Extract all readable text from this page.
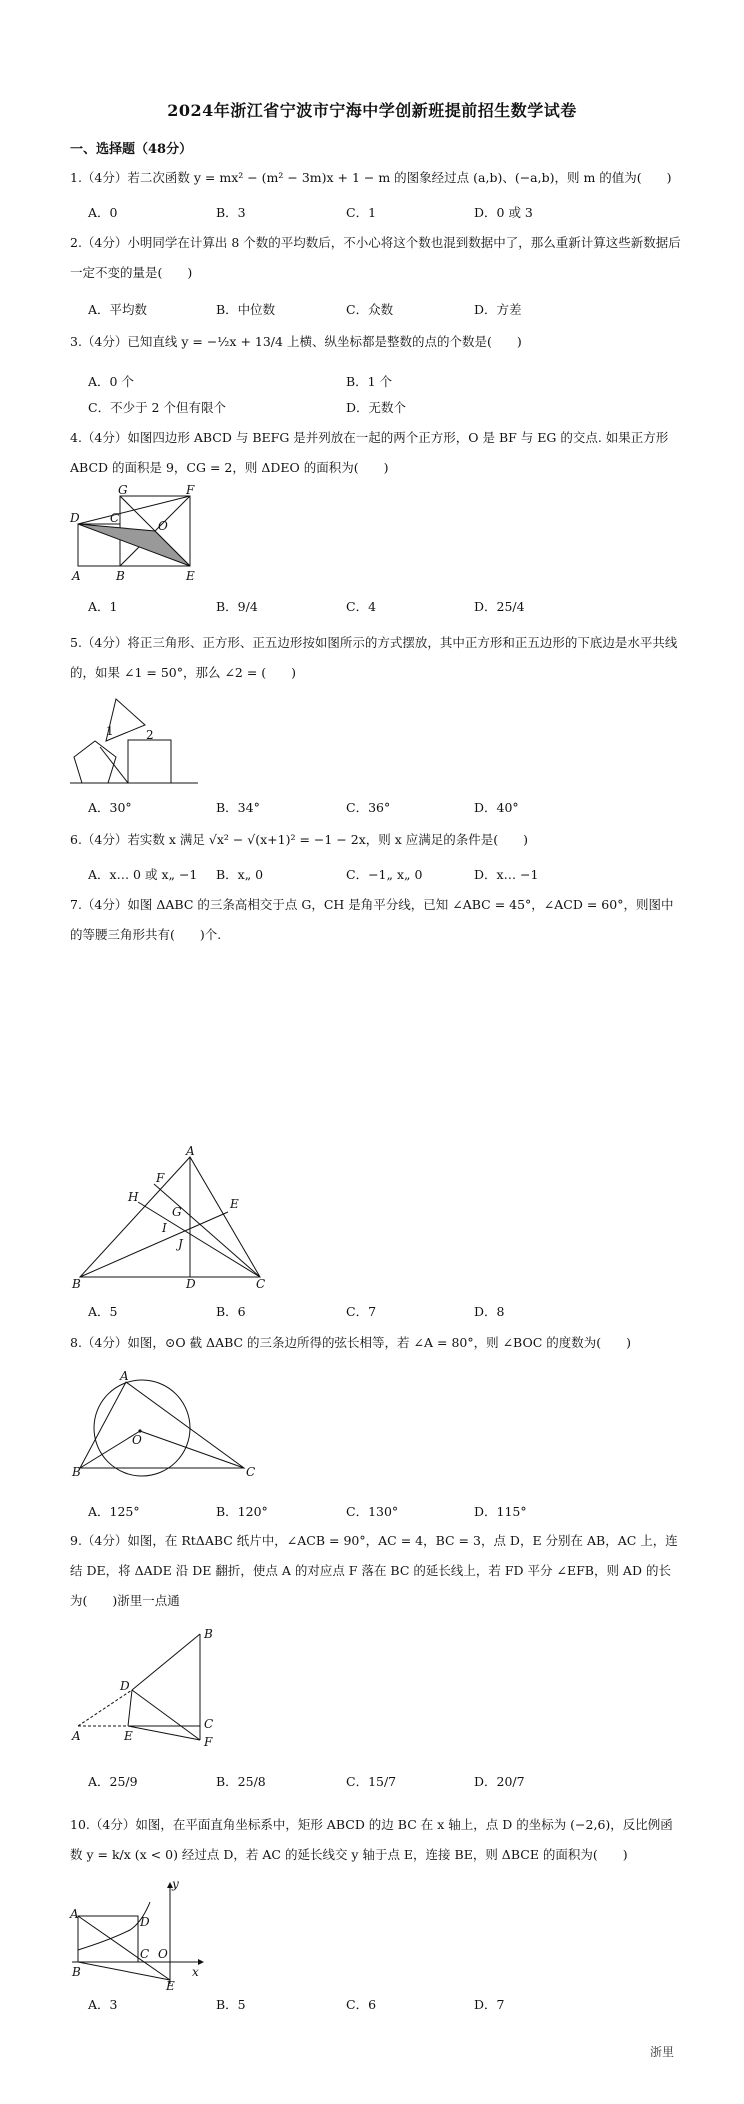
2024年浙江省宁波市宁海中学创新班提前招生数学试卷
一、选择题（48分）
1.（4分）若二次函数 y = mx² − (m² − 3m)x + 1 − m 的图象经过点 (a,b)、(−a,b)，则 m 的值为(　　)
A．0	B．3	C．1	D．0 或 3
2.（4分）小明同学在计算出 8 个数的平均数后，不小心将这个数也混到数据中了，那么重新计算这些新数据后一定不变的量是(　　)
A．平均数	B．中位数	C．众数	D．方差
3.（4分）已知直线 y = −½x + 13/4 上横、纵坐标都是整数的点的个数是(　　)
A．0 个	B．1 个
C．不少于 2 个但有限个	D．无数个
4.（4分）如图四边形 ABCD 与 BEFG 是并列放在一起的两个正方形，O 是 BF 与 EG 的交点. 如果正方形 ABCD 的面积是 9，CG = 2，则 ΔDEO 的面积为(　　)
D	C
G	F
O
A	B	E
A．1	B．9/4	C．4	D．25/4
5.（4分）将正三角形、正方形、正五边形按如图所示的方式摆放，其中正方形和正五边形的下底边是水平共线的，如果 ∠1 = 50°，那么 ∠2 = (　　)
1	2
A．30°	B．34°	C．36°	D．40°
6.（4分）若实数 x 满足 √x² − √(x+1)² = −1 − 2x，则 x 应满足的条件是(　　)
A．x… 0 或 x„ −1 B．x„ 0	C．−1„ x„ 0	D．x… −1
7.（4分）如图 ΔABC 的三条高相交于点 G，CH 是角平分线，已知 ∠ABC = 45°，∠ACD = 60°，则图中的等腰三角形共有(　　)个.
A
F
E
H
G
I
J
B	D	C
A．5	B．6	C．7	D．8
8.（4分）如图，⊙O 截 ΔABC 的三条边所得的弦长相等，若 ∠A = 80°，则 ∠BOC 的度数为(　　)
A
O
B	C
A．125°	B．120°	C．130°	D．115°
9.（4分）如图，在 RtΔABC 纸片中，∠ACB = 90°，AC = 4，BC = 3，点 D，E 分别在 AB，AC 上，连结 DE，将 ΔADE 沿 DE 翻折，使点 A 的对应点 F 落在 BC 的延长线上，若 FD 平分 ∠EFB，则 AD 的长为(　　)浙里一点通
B
D
A	E
C
F
A．25/9	B．25/8	C．15/7	D．20/7
10.（4分）如图，在平面直角坐标系中，矩形 ABCD 的边 BC 在 x 轴上，点 D 的坐标为 (−2,6)，反比例函数 y = k/x (x < 0) 经过点 D，若 AC 的延长线交 y 轴于点 E，连接 BE，则 ΔBCE 的面积为(　　)
y
A
D
C O
x
B
E
A．3	B．5	C．6	D．7
浙里
